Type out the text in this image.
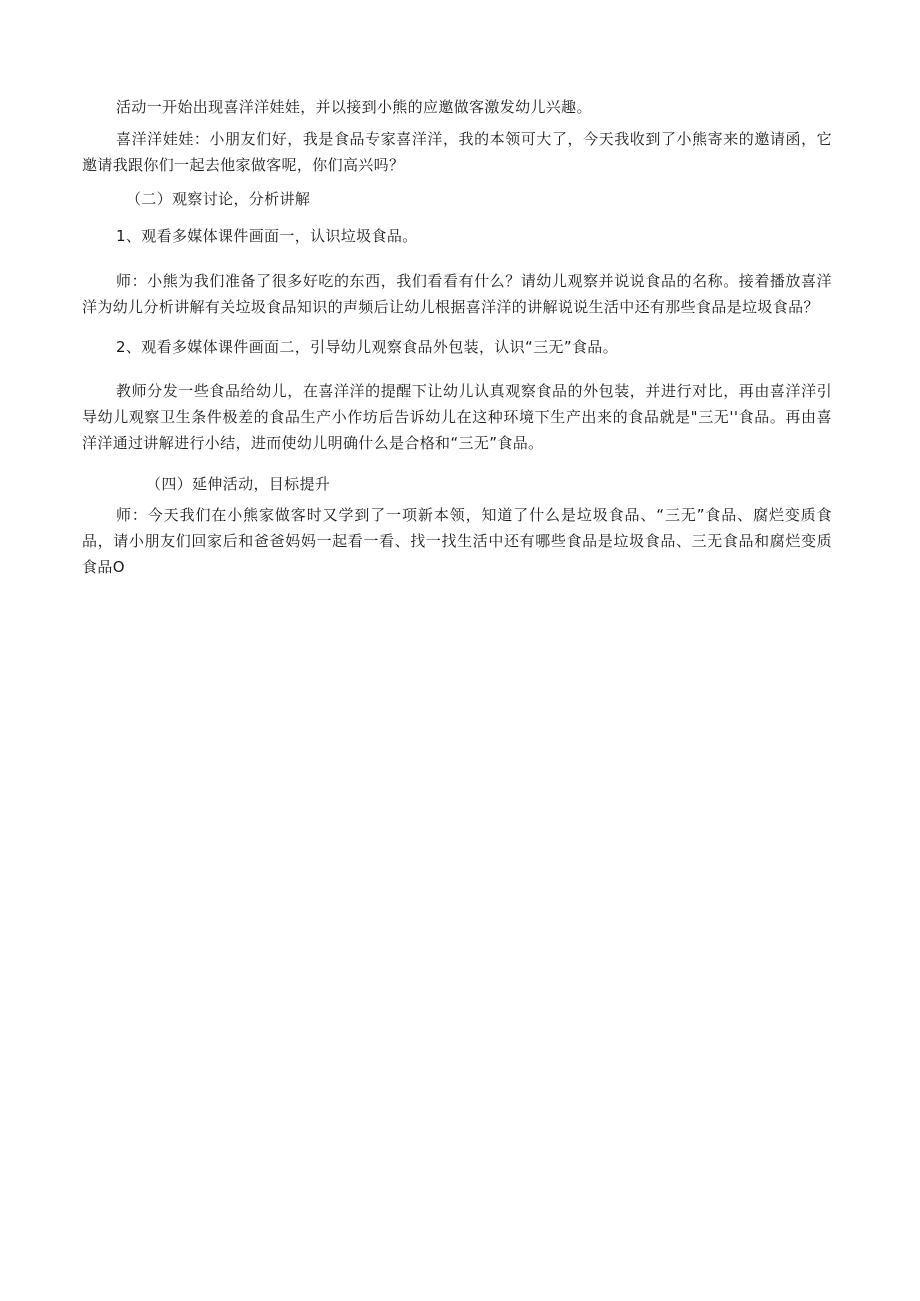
活动一开始出现喜洋洋娃娃，并以接到小熊的应邀做客激发幼儿兴趣。

喜洋洋娃娃：小朋友们好，我是食品专家喜洋洋，我的本领可大了，今天我收到了小熊寄来的邀请函，它邀请我跟你们一起去他家做客呢，你们高兴吗？

（二）观察讨论，分析讲解

1、观看多媒体课件画面一，认识垃圾食品。

师：小熊为我们准备了很多好吃的东西，我们看看有什么？请幼儿观察并说说食品的名称。接着播放喜洋洋为幼儿分析讲解有关垃圾食品知识的声频后让幼儿根据喜洋洋的讲解说说生活中还有那些食品是垃圾食品？

2、观看多媒体课件画面二，引导幼儿观察食品外包装，认识“三无”食品。

教师分发一些食品给幼儿，在喜洋洋的提醒下让幼儿认真观察食品的外包装，并进行对比，再由喜洋洋引导幼儿观察卫生条件极差的食品生产小作坊后告诉幼儿在这种环境下生产出来的食品就是"三无''食品。再由喜洋洋通过讲解进行小结，进而使幼儿明确什么是合格和“三无”食品。

（四）延伸活动，目标提升

师：今天我们在小熊家做客时又学到了一项新本领，知道了什么是垃圾食品、“三无”食品、腐烂变质食品，请小朋友们回家后和爸爸妈妈一起看一看、找一找生活中还有哪些食品是垃圾食品、三无食品和腐烂变质食品O
